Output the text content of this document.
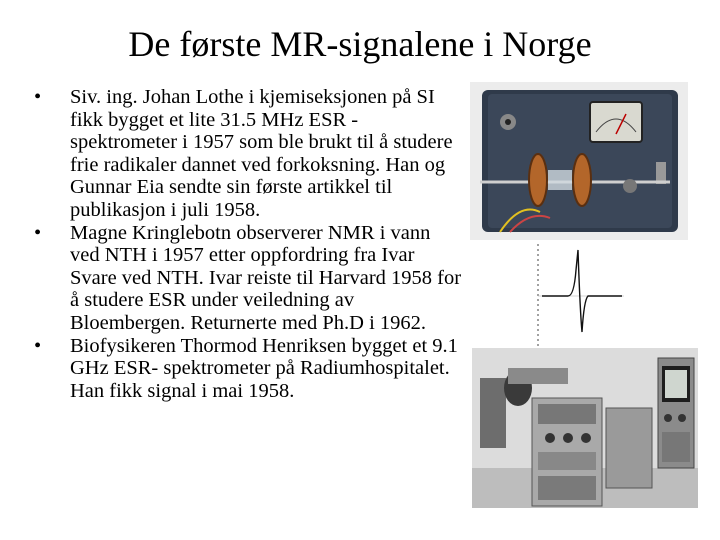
De første MR-signalene i Norge
•	Siv. ing. Johan Lothe i kjemiseksjonen på SI fikk bygget et lite 31.5 MHz ESR -spektrometer i 1957 som ble brukt til å studere frie radikaler dannet ved forkoksning. Han og Gunnar Eia sendte sin første artikkel til publikasjon i juli 1958.
•	Magne Kringlebotn observerer NMR i vann ved NTH i 1957 etter oppfordring fra Ivar Svare ved NTH. Ivar reiste til Harvard 1958 for å studere ESR under veiledning av Bloembergen. Returnerte med Ph.D i 1962.
•	Biofysikeren Thormod Henriksen bygget et 9.1 GHz ESR- spektrometer på Radiumhospitalet. Han fikk signal i mai 1958.
